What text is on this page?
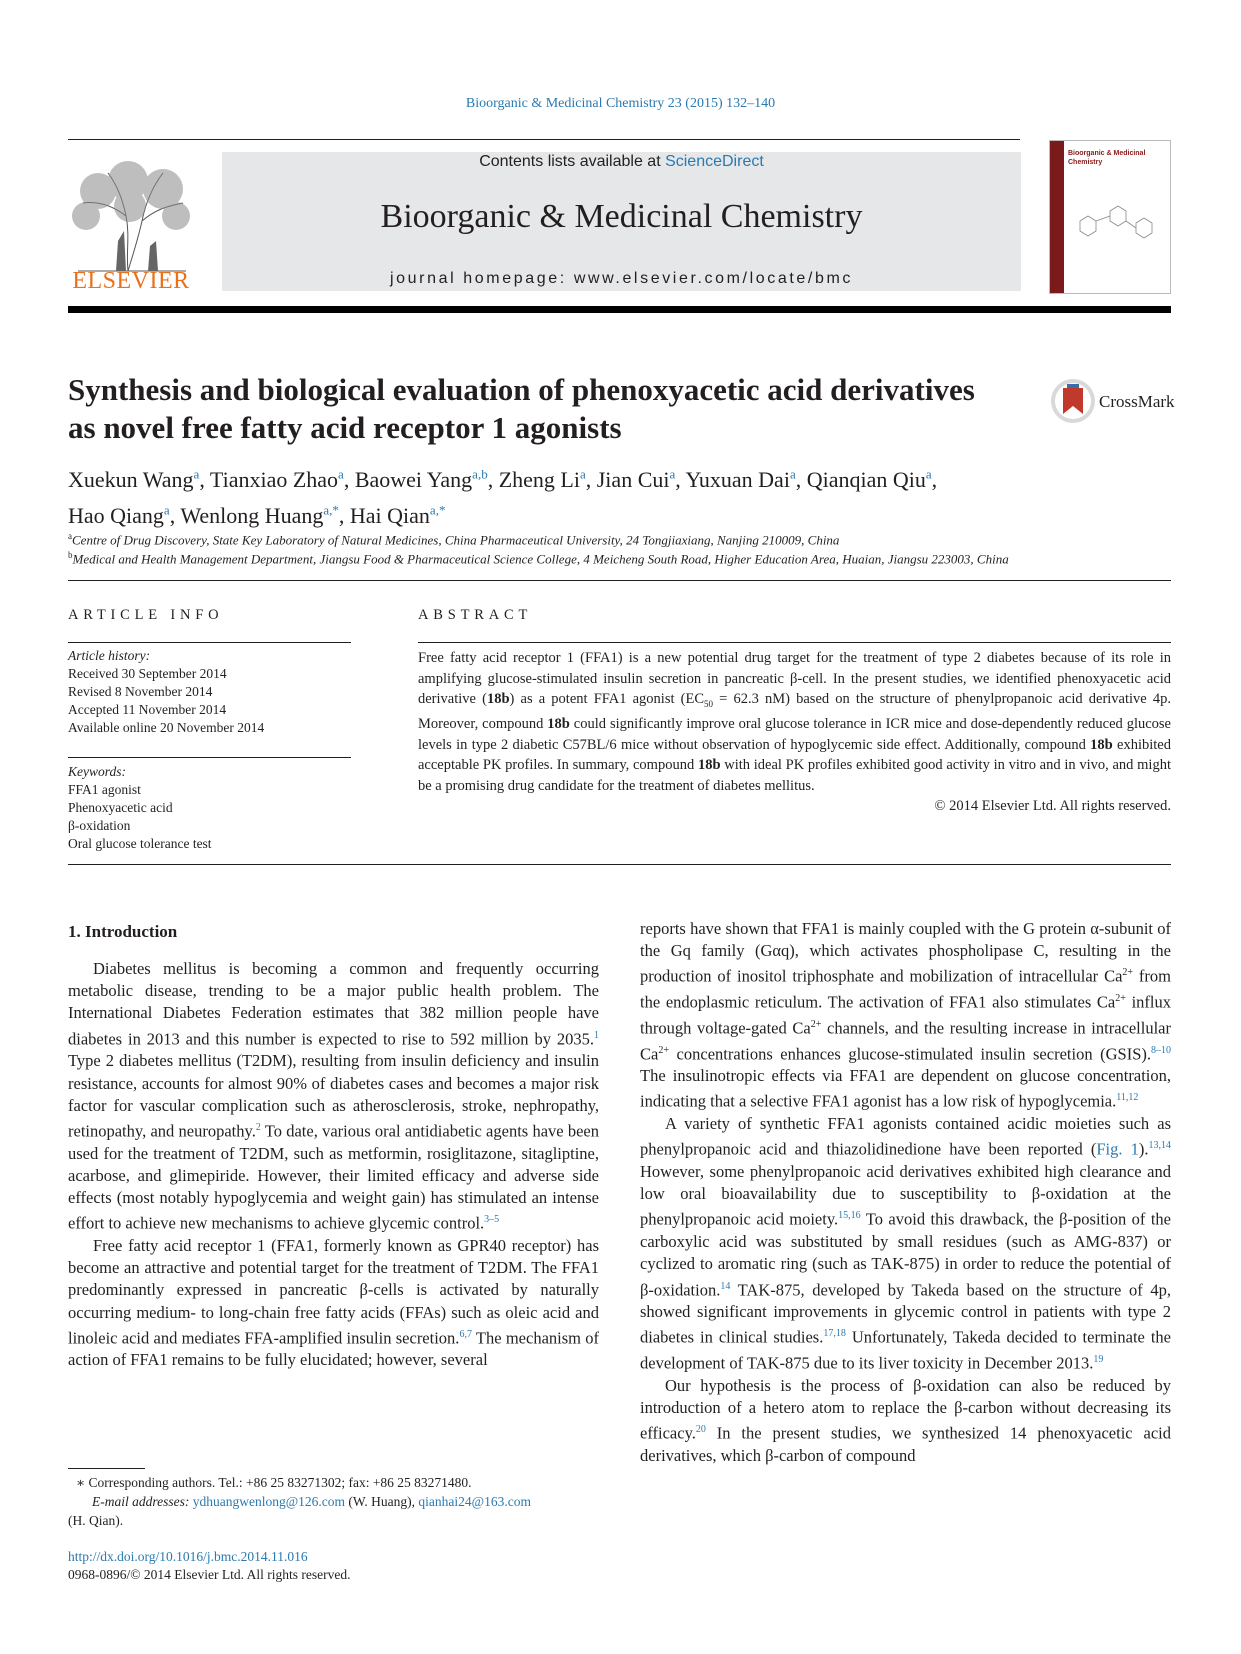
Bioorganic & Medicinal Chemistry 23 (2015) 132–140
ELSEVIER
Contents lists available at ScienceDirect
Bioorganic & Medicinal Chemistry
journal homepage: www.elsevier.com/locate/bmc
Bioorganic & Medicinal
Chemistry
Synthesis and biological evaluation of phenoxyacetic acid derivatives
as novel free fatty acid receptor 1 agonists
CrossMark
Xuekun Wang$^a$, Tianxiao Zhao$^a$, Baowei Yang$^{a,b}$, Zheng Li$^a$, Jian Cui$^a$, Yuxuan Dai$^a$, Qianqian Qiu$^a$,
Hao Qiang$^a$, Wenlong Huang$^{a,*}$, Hai Qian$^{a,*}$
$^a$Centre of Drug Discovery, State Key Laboratory of Natural Medicines, China Pharmaceutical University, 24 Tongjiaxiang, Nanjing 210009, China
$^b$Medical and Health Management Department, Jiangsu Food & Pharmaceutical Science College, 4 Meicheng South Road, Higher Education Area, Huaian, Jiangsu 223003, China
ARTICLE INFO
Article history:
Received 30 September 2014
Revised 8 November 2014
Accepted 11 November 2014
Available online 20 November 2014
Keywords:
FFA1 agonist
Phenoxyacetic acid
β-oxidation
Oral glucose tolerance test
ABSTRACT
Free fatty acid receptor 1 (FFA1) is a new potential drug target for the treatment of type 2 diabetes because of its role in amplifying glucose-stimulated insulin secretion in pancreatic β-cell. In the present studies, we identified phenoxyacetic acid derivative (18b) as a potent FFA1 agonist ($EC_{50} = 62.3$ nM) based on the structure of phenylpropanoic acid derivative 4p. Moreover, compound 18b could significantly improve oral glucose tolerance in ICR mice and dose-dependently reduced glucose levels in type 2 diabetic C57BL/6 mice without observation of hypoglycemic side effect. Additionally, compound 18b exhibited acceptable PK profiles. In summary, compound 18b with ideal PK profiles exhibited good activity in vitro and in vivo, and might be a promising drug candidate for the treatment of diabetes mellitus.
© 2014 Elsevier Ltd. All rights reserved.
1. Introduction

Diabetes mellitus is becoming a common and frequently occurring metabolic disease, trending to be a major public health problem. The International Diabetes Federation estimates that 382 million people have diabetes in 2013 and this number is expected to rise to 592 million by 2035.$^1$ Type 2 diabetes mellitus (T2DM), resulting from insulin deficiency and insulin resistance, accounts for almost 90% of diabetes cases and becomes a major risk factor for vascular complication such as atherosclerosis, stroke, nephropathy, retinopathy, and neuropathy.$^2$ To date, various oral antidiabetic agents have been used for the treatment of T2DM, such as metformin, rosiglitazone, sitagliptine, acarbose, and glimepiride. However, their limited efficacy and adverse side effects (most notably hypoglycemia and weight gain) has stimulated an intense effort to achieve new mechanisms to achieve glycemic control.$^{3-5}$

Free fatty acid receptor 1 (FFA1, formerly known as GPR40 receptor) has become an attractive and potential target for the treatment of T2DM. The FFA1 predominantly expressed in pancreatic β-cells is activated by naturally occurring medium- to long-chain free fatty acids (FFAs) such as oleic acid and linoleic acid and mediates FFA-amplified insulin secretion.$^{6,7}$ The mechanism of action of FFA1 remains to be fully elucidated; however, several

reports have shown that FFA1 is mainly coupled with the G protein α-subunit of the Gq family (Gαq), which activates phospholipase C, resulting in the production of inositol triphosphate and mobilization of intracellular $Ca^{2+}$ from the endoplasmic reticulum. The activation of FFA1 also stimulates $Ca^{2+}$ influx through voltage-gated $Ca^{2+}$ channels, and the resulting increase in intracellular $Ca^{2+}$ concentrations enhances glucose-stimulated insulin secretion (GSIS).$^{8-10}$ The insulinotropic effects via FFA1 are dependent on glucose concentration, indicating that a selective FFA1 agonist has a low risk of hypoglycemia.$^{11,12}$

A variety of synthetic FFA1 agonists contained acidic moieties such as phenylpropanoic acid and thiazolidinedione have been reported (Fig. 1).$^{13,14}$ However, some phenylpropanoic acid derivatives exhibited high clearance and low oral bioavailability due to susceptibility to β-oxidation at the phenylpropanoic acid moiety.$^{15,16}$ To avoid this drawback, the β-position of the carboxylic acid was substituted by small residues (such as AMG-837) or cyclized to aromatic ring (such as TAK-875) in order to reduce the potential of β-oxidation.$^{14}$ TAK-875, developed by Takeda based on the structure of 4p, showed significant improvements in glycemic control in patients with type 2 diabetes in clinical studies.$^{17,18}$ Unfortunately, Takeda decided to terminate the development of TAK-875 due to its liver toxicity in December 2013.19

Our hypothesis is the process of β-oxidation can also be reduced by introduction of a hetero atom to replace the β-carbon without decreasing its efficacy.$^{20}$ In the present studies, we synthesized 14 phenoxyacetic acid derivatives, which β-carbon of compound

∗ Corresponding authors. Tel.: +86 25 83271302; fax: +86 25 83271480.
E-mail addresses: ydhuangwenlong@126.com (W. Huang), qianhai24@163.com
(H. Qian).
http://dx.doi.org/10.1016/j.bmc.2014.11.016
0968-0896/© 2014 Elsevier Ltd. All rights reserved.
